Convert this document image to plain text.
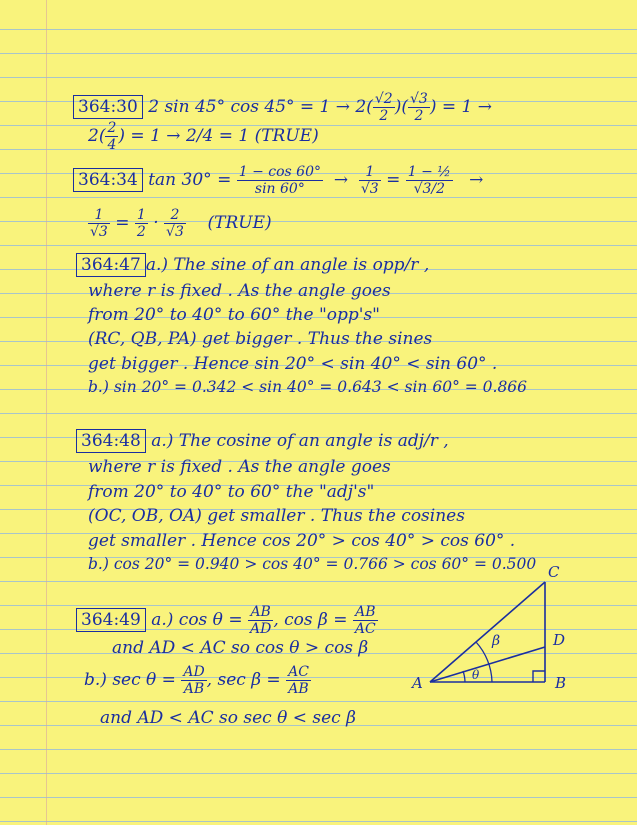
364:30 2 sin 45° $\cos 45^\circ = 1 \to 2( \frac{√2}{2}$ )( $\frac{√3}{2}$ ) = 1 →
$2( \frac{2}{4}$ ) = 1 → 2/4 = 1 (TRUE)
364:34 $\tan 30^\circ = \frac{1 - \cos 60^\circ}{\sin 60^\circ} \to \frac{1}{√3} = \frac{\text{1 − ½}}{√3/2}$ →
$\frac{1}{√3} = \frac{1}{2} \cdot \frac{2}{√3}$ (TRUE)
364:47 a.) The sine of an angle is opp/r ,
where r is fixed . As the angle goes
from 20° to 40° to 60° the "opp's"
(RC, QB, PA) get bigger . Thus the sines
get bigger . Hence sin 20° < sin 40° < sin 60° .
b.) sin 20° = 0.342 < sin 40° = 0.643 < sin 60° = 0.866
364:48 a.) The cosine of an angle is adj/r ,
where r is fixed . As the angle goes
from 20° to 40° to 60° the "adj's"
(OC, OB, OA) get smaller . Thus the cosines
get smaller . Hence cos 20° > cos 40° > cos 60° .
b.) cos 20° = 0.940 > cos 40° = 0.766 > cos 60° = 0.500
364:49 a.) $\cos \theta = \frac{AB}{AD}$ , $\cos \beta = \frac{AB}{AC}$
and AD < AC so cos θ > cos β
b.) $\sec \theta = \frac{AD}{AB}$ , $\sec \beta = \frac{AC}{AB}$
and AD < AC so sec θ < sec β
A	B
C
D
β
θ
